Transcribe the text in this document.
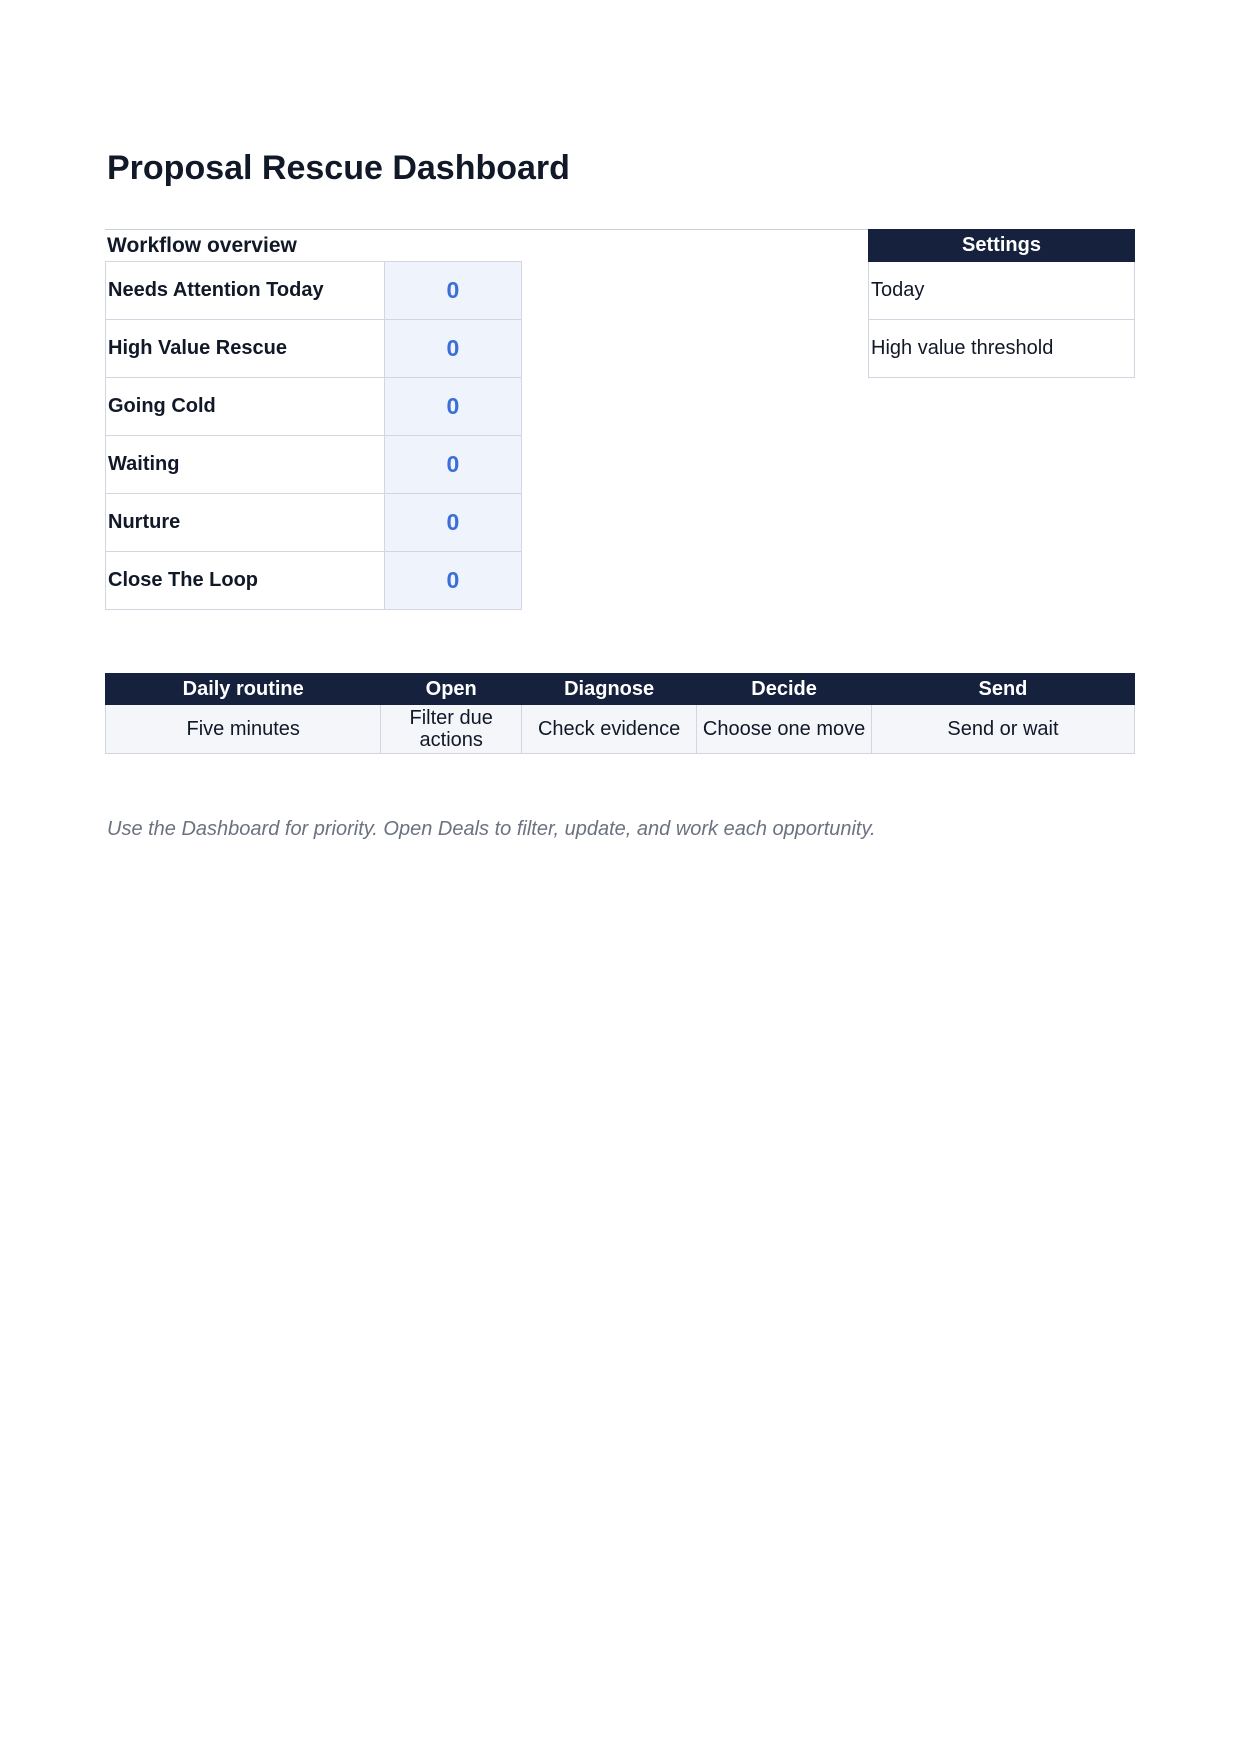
Proposal Rescue Dashboard
Workflow overview
Needs Attention Today	0
High Value Rescue	0
Going Cold	0
Waiting	0
Nurture	0
Close The Loop	0
Settings
Today
High value threshold
Daily routine	Open	Diagnose	Decide	Send
Five minutes	Filter due actions	Check evidence	Choose one move	Send or wait
Use the Dashboard for priority. Open Deals to filter, update, and work each opportunity.
